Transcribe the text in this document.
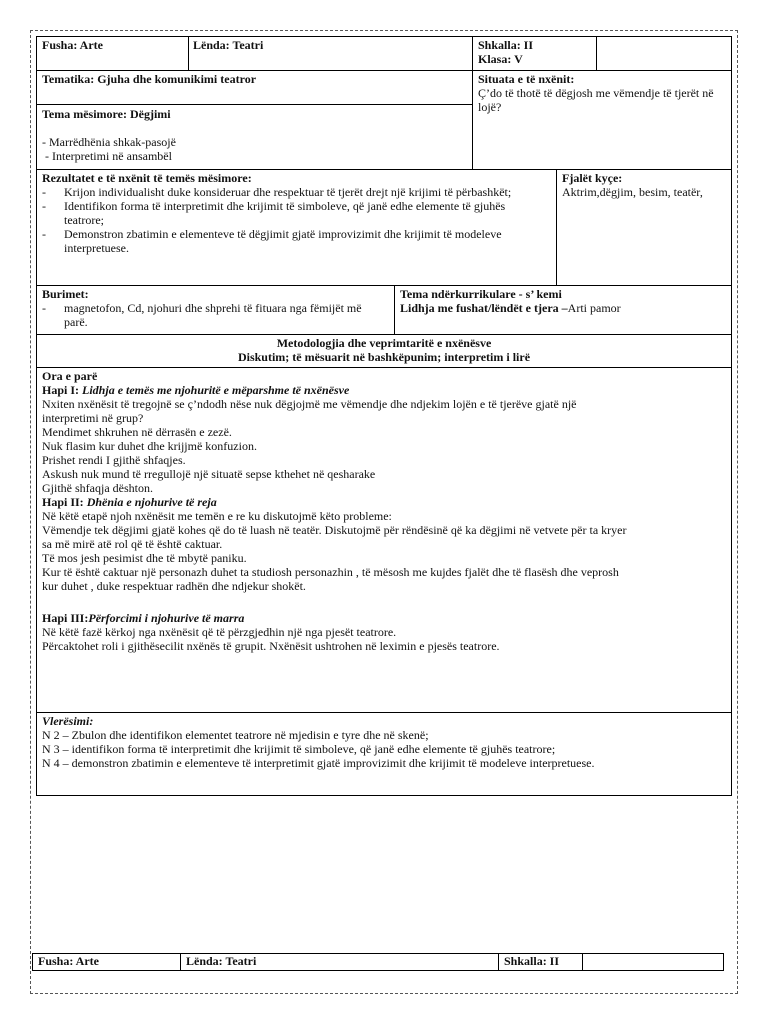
Fusha: Arte	Lënda: Teatri	Shkalla: II
Klasa: V
Tematika: Gjuha dhe komunikimi teatror	Situata e të nxënit:
Ç’do të thotë të dëgjosh me vëmendje të tjerët në lojë?
Tema mësimore: Dëgjimi
- Marrëdhënia shkak-pasojë
- Interpretimi në ansambël
Rezultatet e të nxënit të temës mësimore:
-	Krijon individualisht duke konsideruar dhe respektuar të tjerët drejt një krijimi të përbashkët;
-	Identifikon forma të interpretimit dhe krijimit të simboleve, që janë edhe elemente të gjuhës teatrore;
-	Demonstron zbatimin e elementeve të dëgjimit gjatë improvizimit dhe krijimit të modeleve interpretuese.
Fjalët kyçe:
Aktrim,dëgjim, besim, teatër,
Burimet:
-	magnetofon, Cd, njohuri dhe shprehi të fituara nga fëmijët më parë.
Tema ndërkurrikulare - s’ kemi
Lidhja me fushat/lëndët e tjera –Arti pamor
Metodologjia dhe veprimtaritë e nxënësve
Diskutim; të mësuarit në bashkëpunim; interpretim i lirë
Ora e parë
Hapi I: Lidhja e temës me njohuritë e mëparshme të nxënësve
Nxiten nxënësit të tregojnë se ç’ndodh nëse nuk dëgjojmë me vëmendje dhe ndjekim lojën e të tjerëve gjatë një
interpretimi në grup?
Mendimet shkruhen në dërrasën e zezë.
Nuk flasim kur duhet dhe krijjmë konfuzion.
Prishet rendi I gjithë shfaqjes.
Askush nuk mund të rregullojë një situatë sepse kthehet në qesharake
Gjithë shfaqja dështon.
Hapi II: Dhënia e njohurive të reja
Në këtë etapë njoh nxënësit me temën e re ku diskutojmë këto probleme:
Vëmendje tek dëgjimi gjatë kohes që do të luash në teatër. Diskutojmë për rëndësinë që ka dëgjimi në vetvete për ta kryer
sa më mirë atë rol që të është caktuar.
Të mos jesh pesimist dhe të mbytë paniku.
Kur të është caktuar një personazh duhet ta studiosh personazhin , të mësosh me kujdes fjalët dhe të flasësh dhe veprosh
kur duhet , duke respektuar radhën dhe ndjekur shokët.
Hapi III:Përforcimi i njohurive të marra
Në këtë fazë kërkoj nga nxënësit që të përzgjedhin një nga pjesët teatrore.
Përcaktohet roli i gjithësecilit nxënës të grupit. Nxënësit ushtrohen në leximin e pjesës teatrore.
Vlerësimi:
N 2 – Zbulon dhe identifikon elementet teatrore në mjedisin e tyre dhe në skenë;
N 3 – identifikon forma të interpretimit dhe krijimit të simboleve, që janë edhe elemente të gjuhës teatrore;
N 4 – demonstron zbatimin e elementeve të interpretimit gjatë improvizimit dhe krijimit të modeleve interpretuese.
Fusha: Arte	Lënda: Teatri	Shkalla: II
